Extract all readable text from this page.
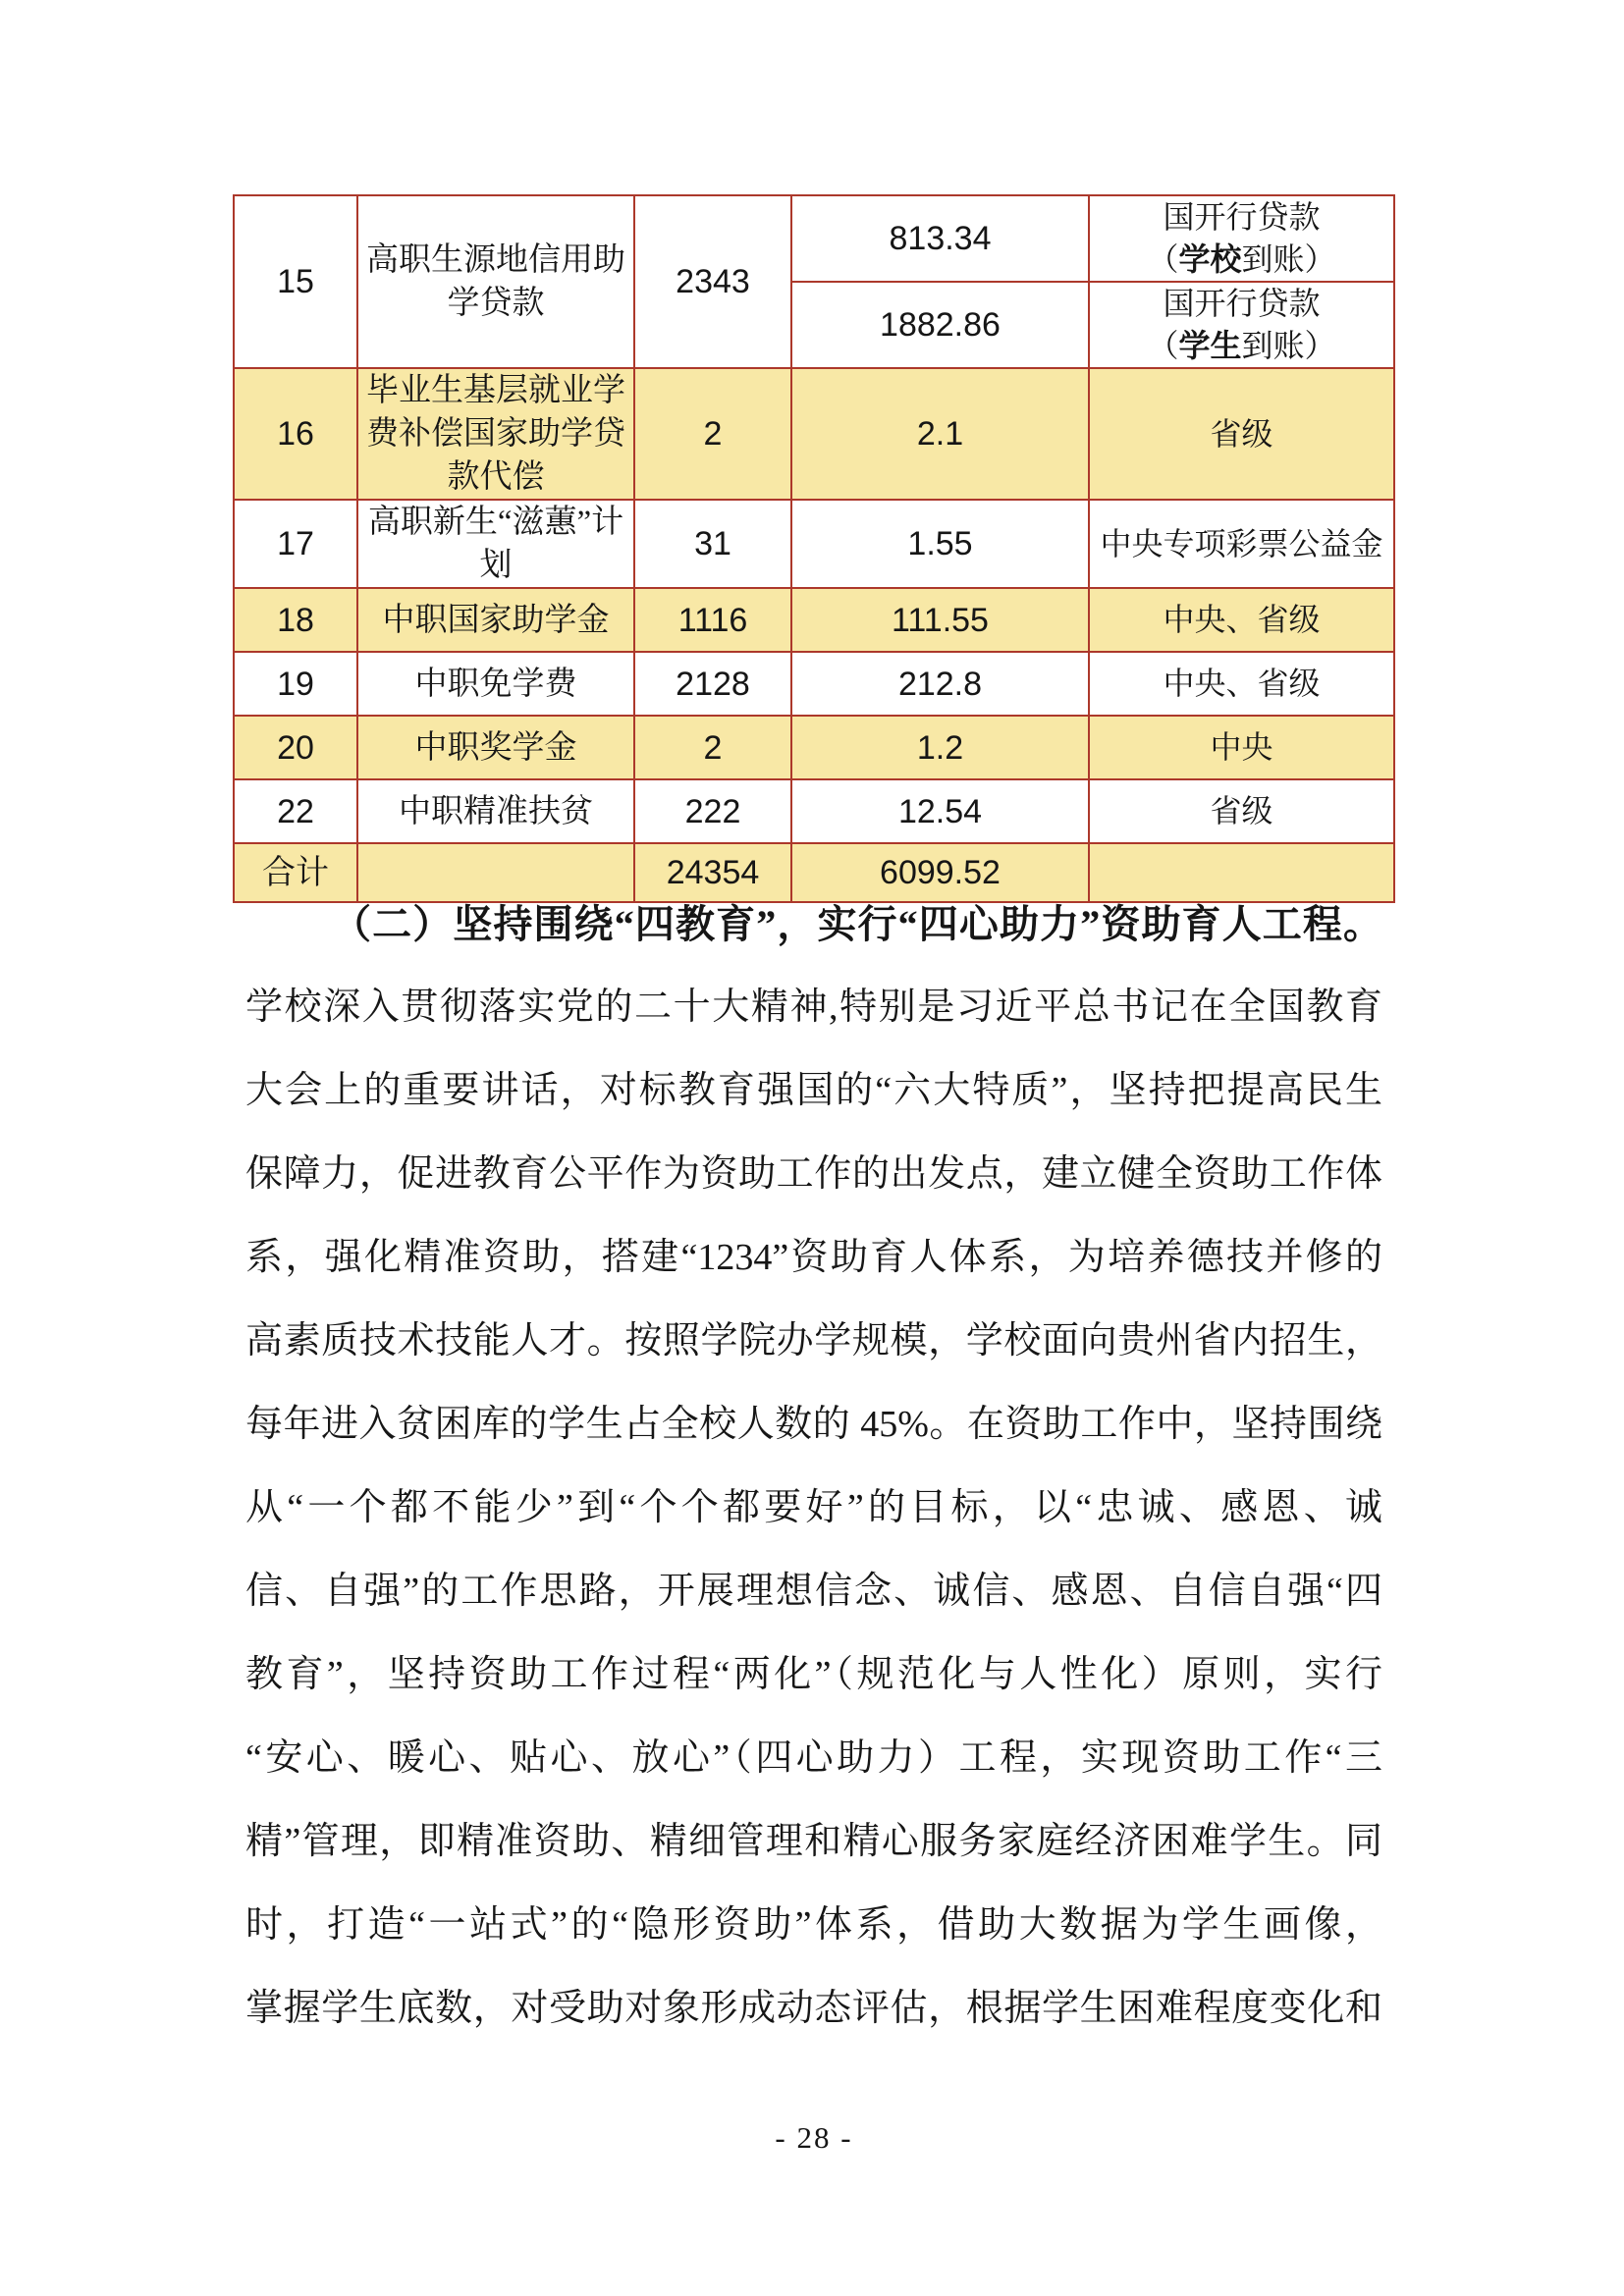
15	
高职生源地信用助
学贷款
	2343	813.34	
国开行贷款
（学校到账）

			1882.86	国开行贷款
（学生到账）

16	毕业生基层就业学
费补偿国家助学贷
款代偿	2	2.1	省级

17	高职新生“滋蕙”计划	31	1.55	中央专项彩票公益金

18	中职国家助学金	1116	111.55	中央、省级

19	中职免学费	2128	212.8	中央、省级

20	中职奖学金	2	1.2	中央

22	中职精准扶贫	222	12.54	省级

合计		24354	6099.52	
（二）坚持围绕“四教育”，实行“四心助力”资助育人工程。
学校深入贯彻落实党的二十大精神,特别是习近平总书记在全国教育
大会上的重要讲话，对标教育强国的“六大特质”，坚持把提高民生
保障力，促进教育公平作为资助工作的出发点，建立健全资助工作体
系，强化精准资助，搭建“1234”资助育人体系，为培养德技并修的
高素质技术技能人才。按照学院办学规模，学校面向贵州省内招生，
每年进入贫困库的学生占全校人数的 45%。在资助工作中，坚持围绕
从“一个都不能少”到“个个都要好”的目标，以“忠诚、感恩、诚
信、自强”的工作思路，开展理想信念、诚信、感恩、自信自强“四
教育”，坚持资助工作过程“两化”（规范化与人性化）原则，实行
“安心、暖心、贴心、放心”（四心助力）工程，实现资助工作“三
精”管理，即精准资助、精细管理和精心服务家庭经济困难学生。同
时，打造“一站式”的“隐形资助”体系，借助大数据为学生画像，
掌握学生底数，对受助对象形成动态评估，根据学生困难程度变化和
- 28 -
